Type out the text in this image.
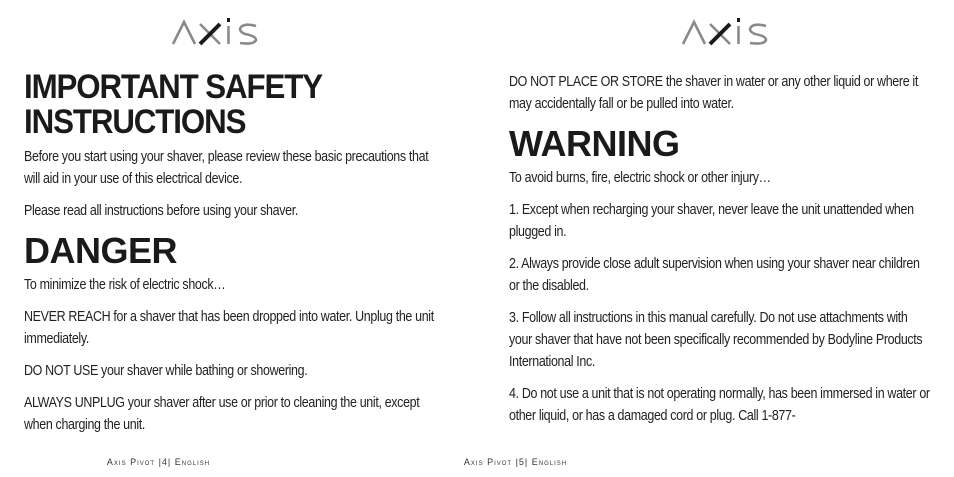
IMPORTANT SAFETY
INSTRUCTIONS

Before you start using your shaver, please review these basic precautions that will aid in your use of this electrical device.

Please read all instructions before using your shaver.

DANGER

To minimize the risk of electric shock…

NEVER REACH for a shaver that has been dropped into water. Unplug the unit immediately.

DO NOT USE your shaver while bathing or showering.

ALWAYS UNPLUG your shaver after use or prior to cleaning the unit, except when charging the unit.

Axis Pivot |4| English

DO NOT PLACE OR STORE the shaver in water or any other liquid or where it may accidentally fall or be pulled into water.

WARNING

To avoid burns, fire, electric shock or other injury…

1. Except when recharging your shaver, never leave the unit unattended when plugged in.

2. Always provide close adult supervision when using your shaver near children or the disabled.

3. Follow all instructions in this manual carefully. Do not use attachments with your shaver that have not been specifically recommended by Bodyline Products International Inc.

4. Do not use a unit that is not operating normally, has been immersed in water or other liquid, or has a damaged cord or plug. Call 1-877-

Axis Pivot |5| English
